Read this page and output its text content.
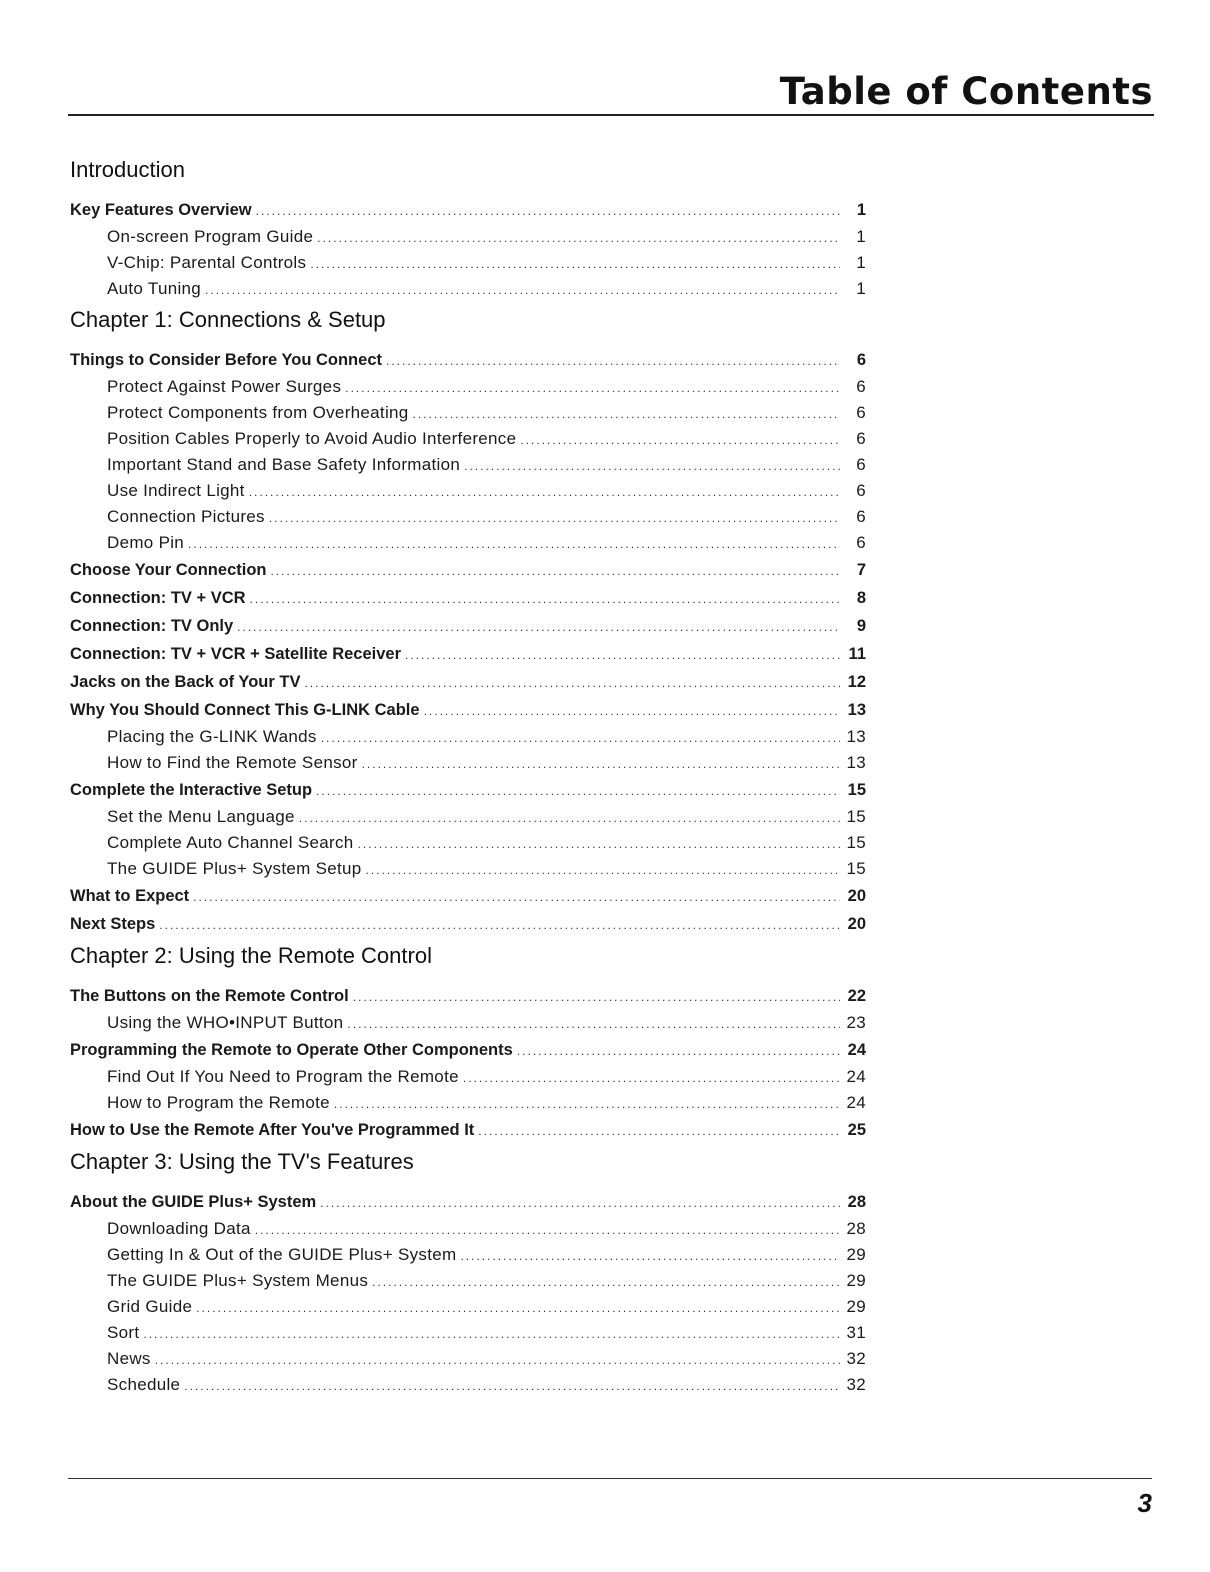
Table of Contents
Introduction
Key Features Overview .....	1
On-screen Program Guide .....	1
V-Chip: Parental Controls .....	1
Auto Tuning .....	1
Chapter 1: Connections & Setup
Things to Consider Before You Connect .....	6
Protect Against Power Surges .....	6
Protect Components from Overheating .....	6
Position Cables Properly to Avoid Audio Interference .....	6
Important Stand and Base Safety Information .....	6
Use Indirect Light .....	6
Connection Pictures .....	6
Demo Pin .....	6
Choose Your Connection .....	7
Connection: TV + VCR .....	8
Connection: TV Only .....	9
Connection: TV + VCR + Satellite Receiver .....	11
Jacks on the Back of Your TV .....	12
Why You Should Connect This G-LINK Cable .....	13
Placing the G-LINK Wands .....	13
How to Find the Remote Sensor .....	13
Complete the Interactive Setup .....	15
Set the Menu Language .....	15
Complete Auto Channel Search .....	15
The GUIDE Plus+ System Setup .....	15
What to Expect .....	20
Next Steps .....	20
Chapter 2: Using the Remote Control
The Buttons on the Remote Control .....	22
Using the WHO•INPUT Button .....	23
Programming the Remote to Operate Other Components .....	24
Find Out If You Need to Program the Remote .....	24
How to Program the Remote .....	24
How to Use the Remote After You've Programmed It .....	25
Chapter 3: Using the TV's Features
About the GUIDE Plus+ System .....	28
Downloading Data .....	28
Getting In & Out of the GUIDE Plus+ System .....	29
The GUIDE Plus+ System Menus .....	29
Grid Guide .....	29
Sort .....	31
News .....	32
Schedule .....	32
3
